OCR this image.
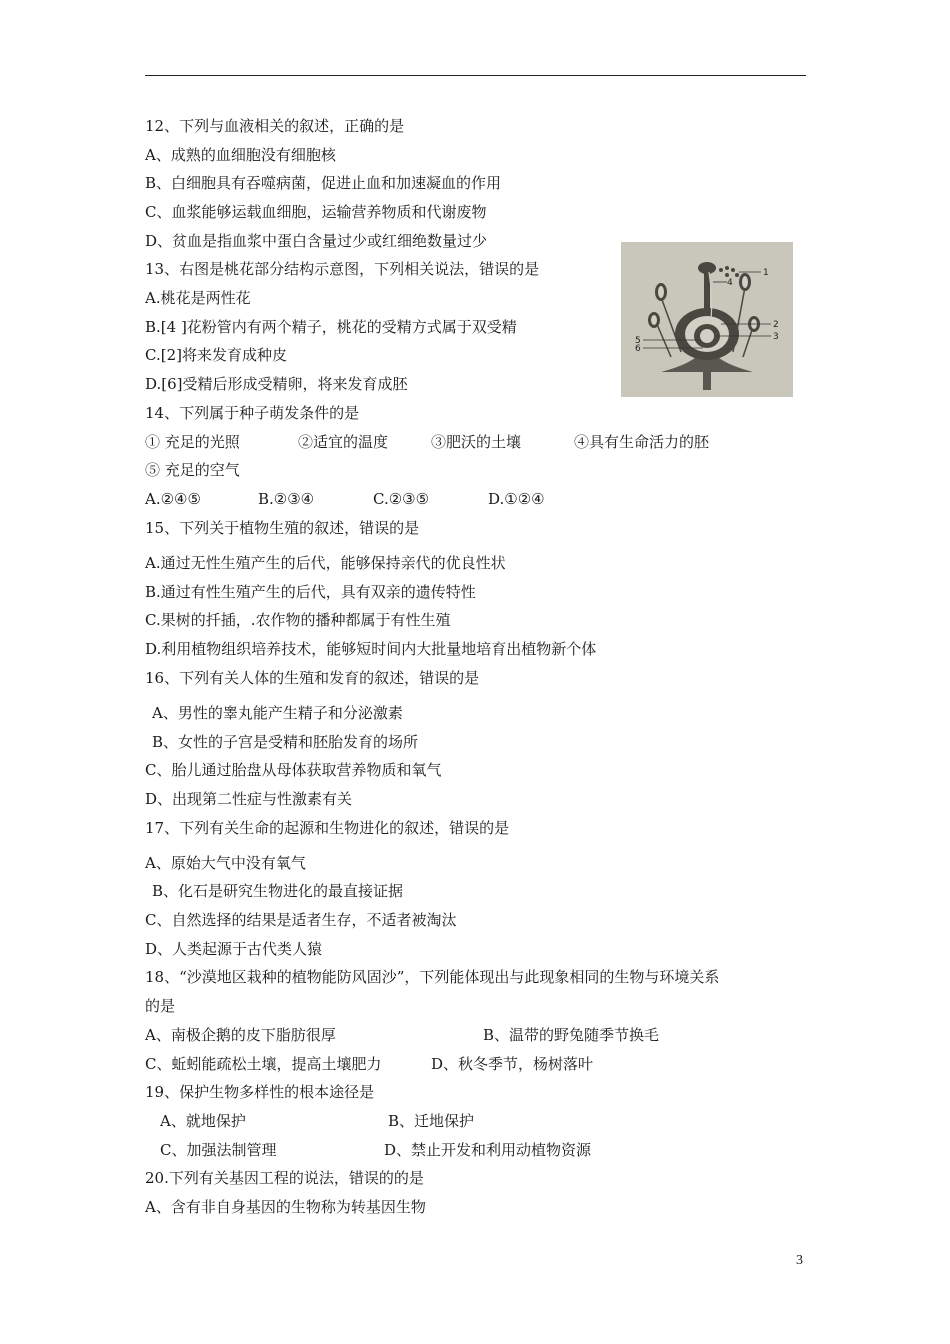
12、下列与血液相关的叙述，正确的是
A、成熟的血细胞没有细胞核
B、白细胞具有吞噬病菌，促进止血和加速凝血的作用
C、血浆能够运载血细胞，运输营养物质和代谢废物
D、贫血是指血浆中蛋白含量过少或红细绝数量过少
13、右图是桃花部分结构示意图，下列相关说法，错误的是
A.桃花是两性花
B.[4 ]花粉管内有两个精子，桃花的受精方式属于双受精
C.[2]将来发育成种皮
D.[6]受精后形成受精卵，将来发育成胚
1
2
3
4
5
6
14、下列属于种子萌发条件的是
① 充足的光照	②适宜的温度	③肥沃的土壤	④具有生命活力的胚
⑤ 充足的空气
A.②④⑤	B.②③④	C.②③⑤	D.①②④
15、下列关于植物生殖的叙述，错误的是
A.通过无性生殖产生的后代，能够保持亲代的优良性状
B.通过有性生殖产生的后代，具有双亲的遗传特性
C.果树的扦插，.农作物的播种都属于有性生殖
D.利用植物组织培养技术，能够短时间内大批量地培育出植物新个体
16、下列有关人体的生殖和发育的叙述，错误的是
A、男性的睾丸能产生精子和分泌激素
B、女性的子宫是受精和胚胎发育的场所
C、胎儿通过胎盘从母体获取营养物质和氧气
D、出现第二性症与性激素有关
17、下列有关生命的起源和生物进化的叙述，错误的是
A、原始大气中没有氧气
B、化石是研究生物进化的最直接证据
C、自然选择的结果是适者生存，不适者被淘汰
D、人类起源于古代类人猿
18、“沙漠地区栽种的植物能防风固沙”，下列能体现出与此现象相同的生物与环境关系
的是
A、南极企鹅的皮下脂肪很厚	B、温带的野兔随季节换毛
C、蚯蚓能疏松土壤，提高土壤肥力	D、秋冬季节，杨树落叶
19、保护生物多样性的根本途径是
A、就地保护	B、迁地保护
C、加强法制管理	D、禁止开发和利用动植物资源
20.下列有关基因工程的说法，错误的的是
A、含有非自身基因的生物称为转基因生物
3
